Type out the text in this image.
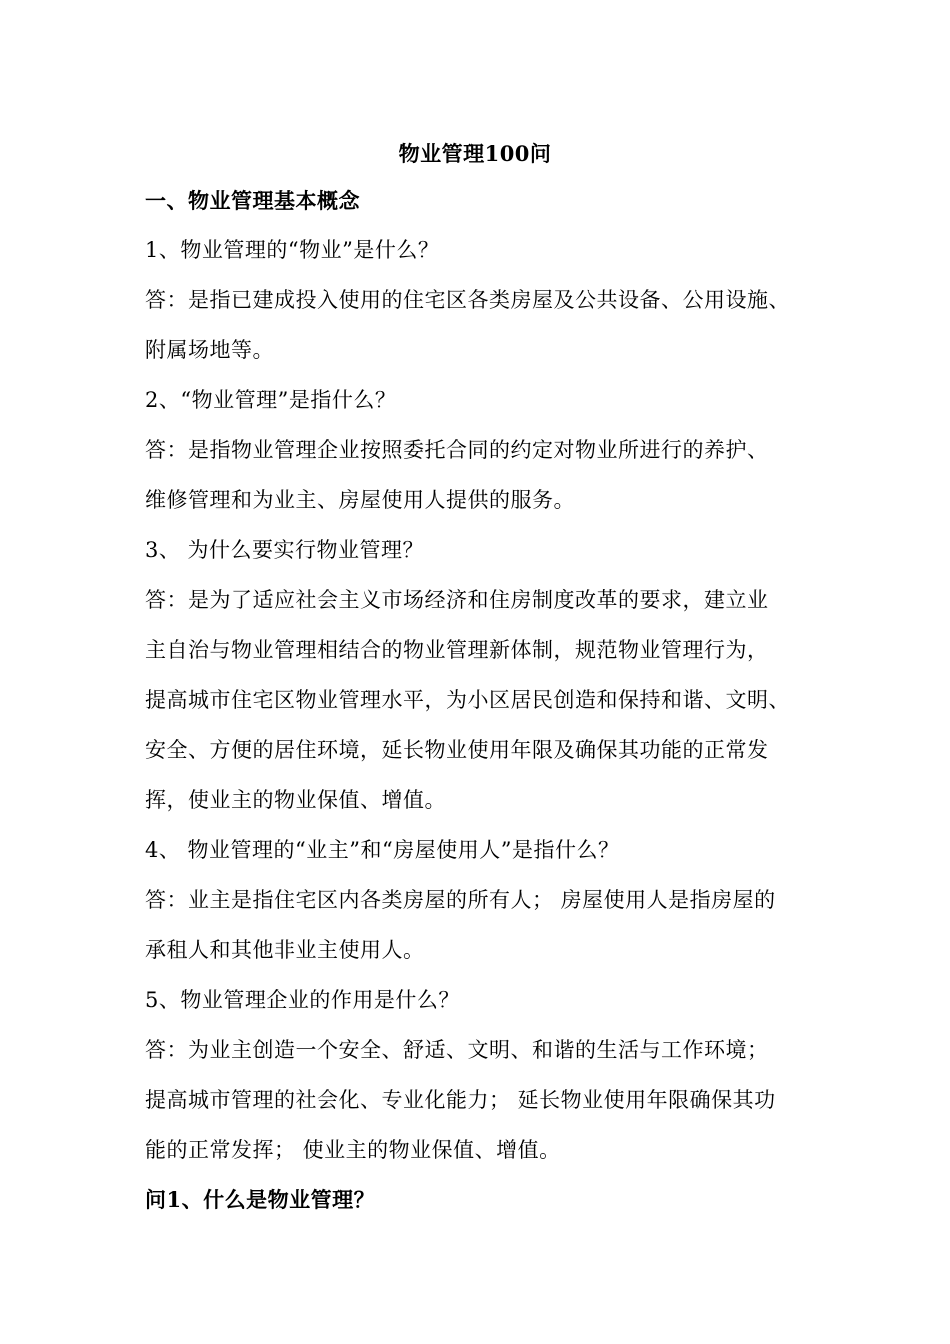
物业管理100问
一、物业管理基本概念
1、物业管理的“物业”是什么？
答：是指已建成投入使用的住宅区各类房屋及公共设备、公用设施、
附属场地等。
2、“物业管理”是指什么？
答：是指物业管理企业按照委托合同的约定对物业所进行的养护、
维修管理和为业主、房屋使用人提供的服务。
3、 为什么要实行物业管理？
答：是为了适应社会主义市场经济和住房制度改革的要求，建立业
主自治与物业管理相结合的物业管理新体制，规范物业管理行为，
提高城市住宅区物业管理水平，为小区居民创造和保持和谐、文明、
安全、方便的居住环境，延长物业使用年限及确保其功能的正常发
挥，使业主的物业保值、增值。
4、 物业管理的“业主”和“房屋使用人”是指什么？
答：业主是指住宅区内各类房屋的所有人； 房屋使用人是指房屋的
承租人和其他非业主使用人。
5、物业管理企业的作用是什么？
答：为业主创造一个安全、舒适、文明、和谐的生活与工作环境；
提高城市管理的社会化、专业化能力； 延长物业使用年限确保其功
能的正常发挥； 使业主的物业保值、增值。
问1、什么是物业管理？
